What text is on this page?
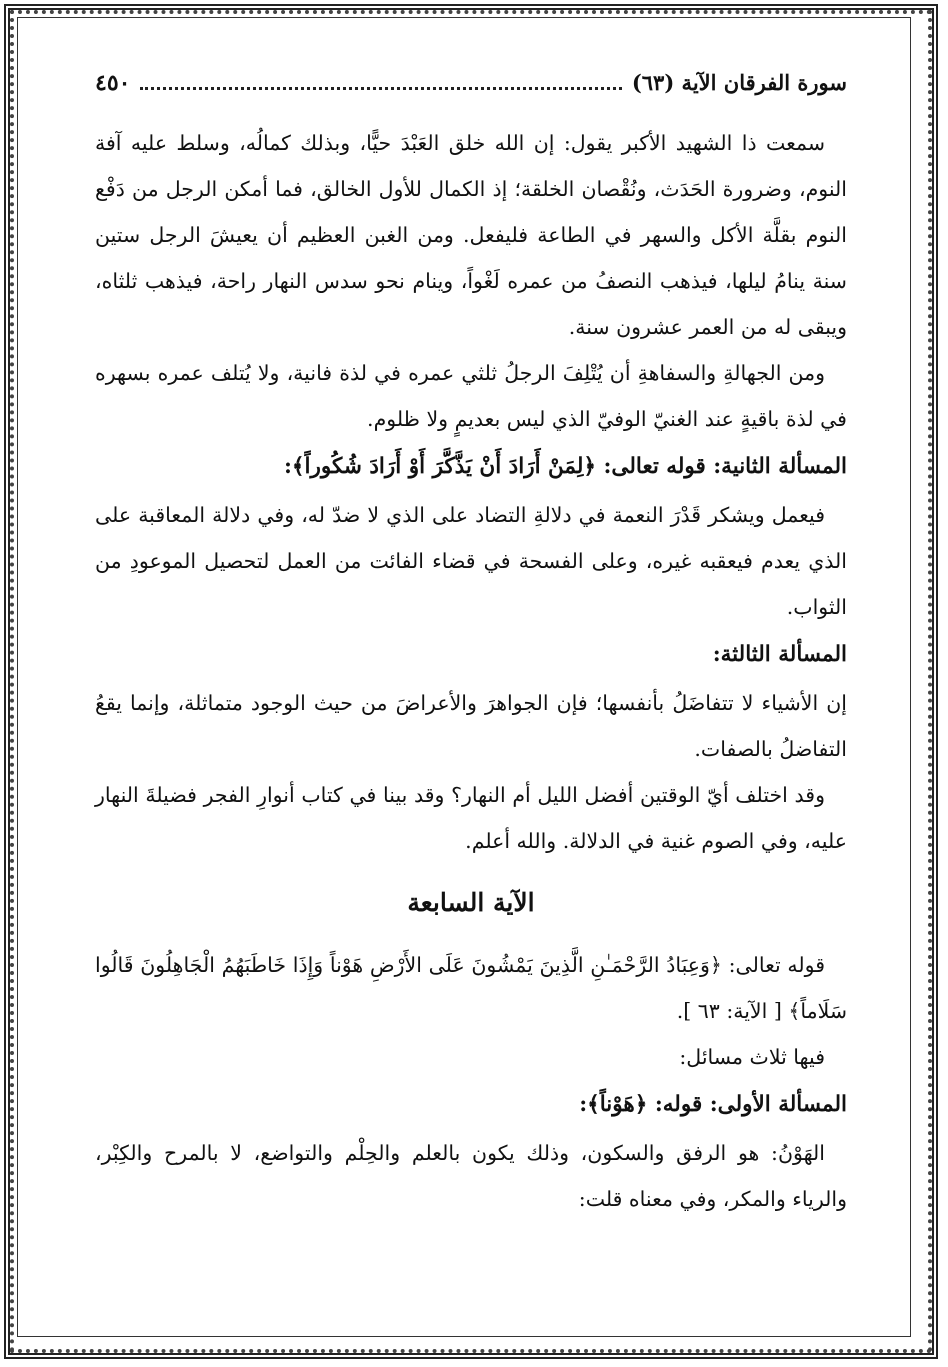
سورة الفرقان الآية (٦٣)
٤٥٠

سمعت ذا الشهيد الأكبر يقول: إن الله خلق العَبْدَ حيًّا، وبذلك كمالُه، وسلط عليه آفة النوم، وضرورة الحَدَث، ونُقْصان الخلقة؛ إذ الكمال للأول الخالق، فما أمكن الرجل من دَفْع النوم بقلَّة الأكل والسهر في الطاعة فليفعل. ومن الغبن العظيم أن يعيشَ الرجل ستين سنة ينامُ ليلها، فيذهب النصفُ من عمره لَغْواً، وينام نحو سدس النهار راحة، فيذهب ثلثاه، ويبقى له من العمر عشرون سنة.

ومن الجهالةِ والسفاهةِ أن يُتْلِفَ الرجلُ ثلثي عمره في لذة فانية، ولا يُتلف عمره بسهره في لذة باقيةٍ عند الغنيّ الوفيّ الذي ليس بعديمٍ ولا ظلوم.

المسألة الثانية: قوله تعالى: ﴿لِمَنْ أَرَادَ أَنْ يَذَّكَّرَ أَوْ أَرَادَ شُكُوراً﴾:

فيعمل ويشكر قَدْرَ النعمة في دلالةِ التضاد على الذي لا ضدّ له، وفي دلالة المعاقبة على الذي يعدم فيعقبه غيره، وعلى الفسحة في قضاء الفائت من العمل لتحصيل الموعودِ من الثواب.

المسألة الثالثة:

إن الأشياء لا تتفاضَلُ بأنفسها؛ فإن الجواهرَ والأعراضَ من حيث الوجود متماثلة، وإنما يقعُ التفاضلُ بالصفات.

وقد اختلف أيّ الوقتين أفضل الليل أم النهار؟ وقد بينا في كتاب أنوارِ الفجر فضيلةَ النهار عليه، وفي الصوم غنية في الدلالة. والله أعلم.

الآية السابعة

قوله تعالى: ﴿وَعِبَادُ الرَّحْمَـٰنِ الَّذِينَ يَمْشُونَ عَلَى الأَرْضِ هَوْناً وَإِذَا خَاطَبَهُمُ الْجَاهِلُونَ قَالُوا سَلَاماً﴾ [ الآية: ٦٣ ].

فيها ثلاث مسائل:

المسألة الأولى: قوله: ﴿هَوْناً﴾:

الهَوْنُ: هو الرفق والسكون، وذلك يكون بالعلم والحِلْم والتواضع، لا بالمرح والكِبْر، والرياء والمكر، وفي معناه قلت:
